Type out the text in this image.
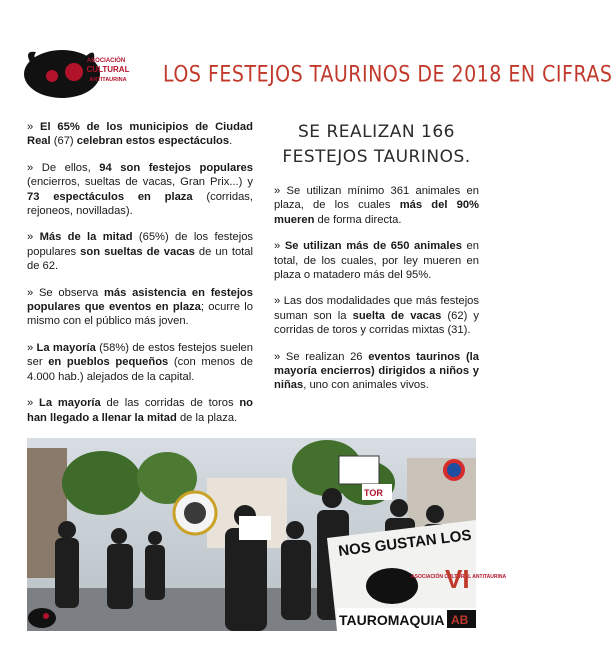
ASOCIACIÓN
CULTURAL
ANTITAURINA LOS FESTEJOS TAURINOS DE 2018 EN CIFRAS

» El 65% de los municipios de Ciudad Real (67) celebran estos espectáculos.

» De ellos, 94 son festejos populares (encierros, sueltas de vacas, Gran Prix...) y 73 espectáculos en plaza (corridas, rejoneos, novilladas).

» Más de la mitad (65%) de los festejos populares son sueltas de vacas de un total de 62.

» Se observa más asistencia en festejos populares que eventos en plaza; ocurre lo mismo con el público más joven.

» La mayoría (58%) de estos festejos suelen ser en pueblos pequeños (con menos de 4.000 hab.) alejados de la capital.

» La mayoría de las corridas de toros no han llegado a llenar la mitad de la plaza.

SE REALIZAN 166 FESTEJOS TAURINOS.

» Se utilizan mínimo 361 animales en plaza, de los cuales más del 90% mueren de forma directa.

» Se utilizan más de 650 animales en total, de los cuales, por ley mueren en plaza o matadero más del 95%.

» Las dos modalidades que más festejos suman son la suelta de vacas (62) y corridas de toros y corridas mixtas (31).

» Se realizan 26 eventos taurinos (la mayoría encierros) dirigidos a niños y niñas, uno con animales vivos.

TOR
NOS GUSTAN LOS
ASOCIACIÓN CULTURAL ANTITAURINA
VI
TAUROMAQUIA AB
